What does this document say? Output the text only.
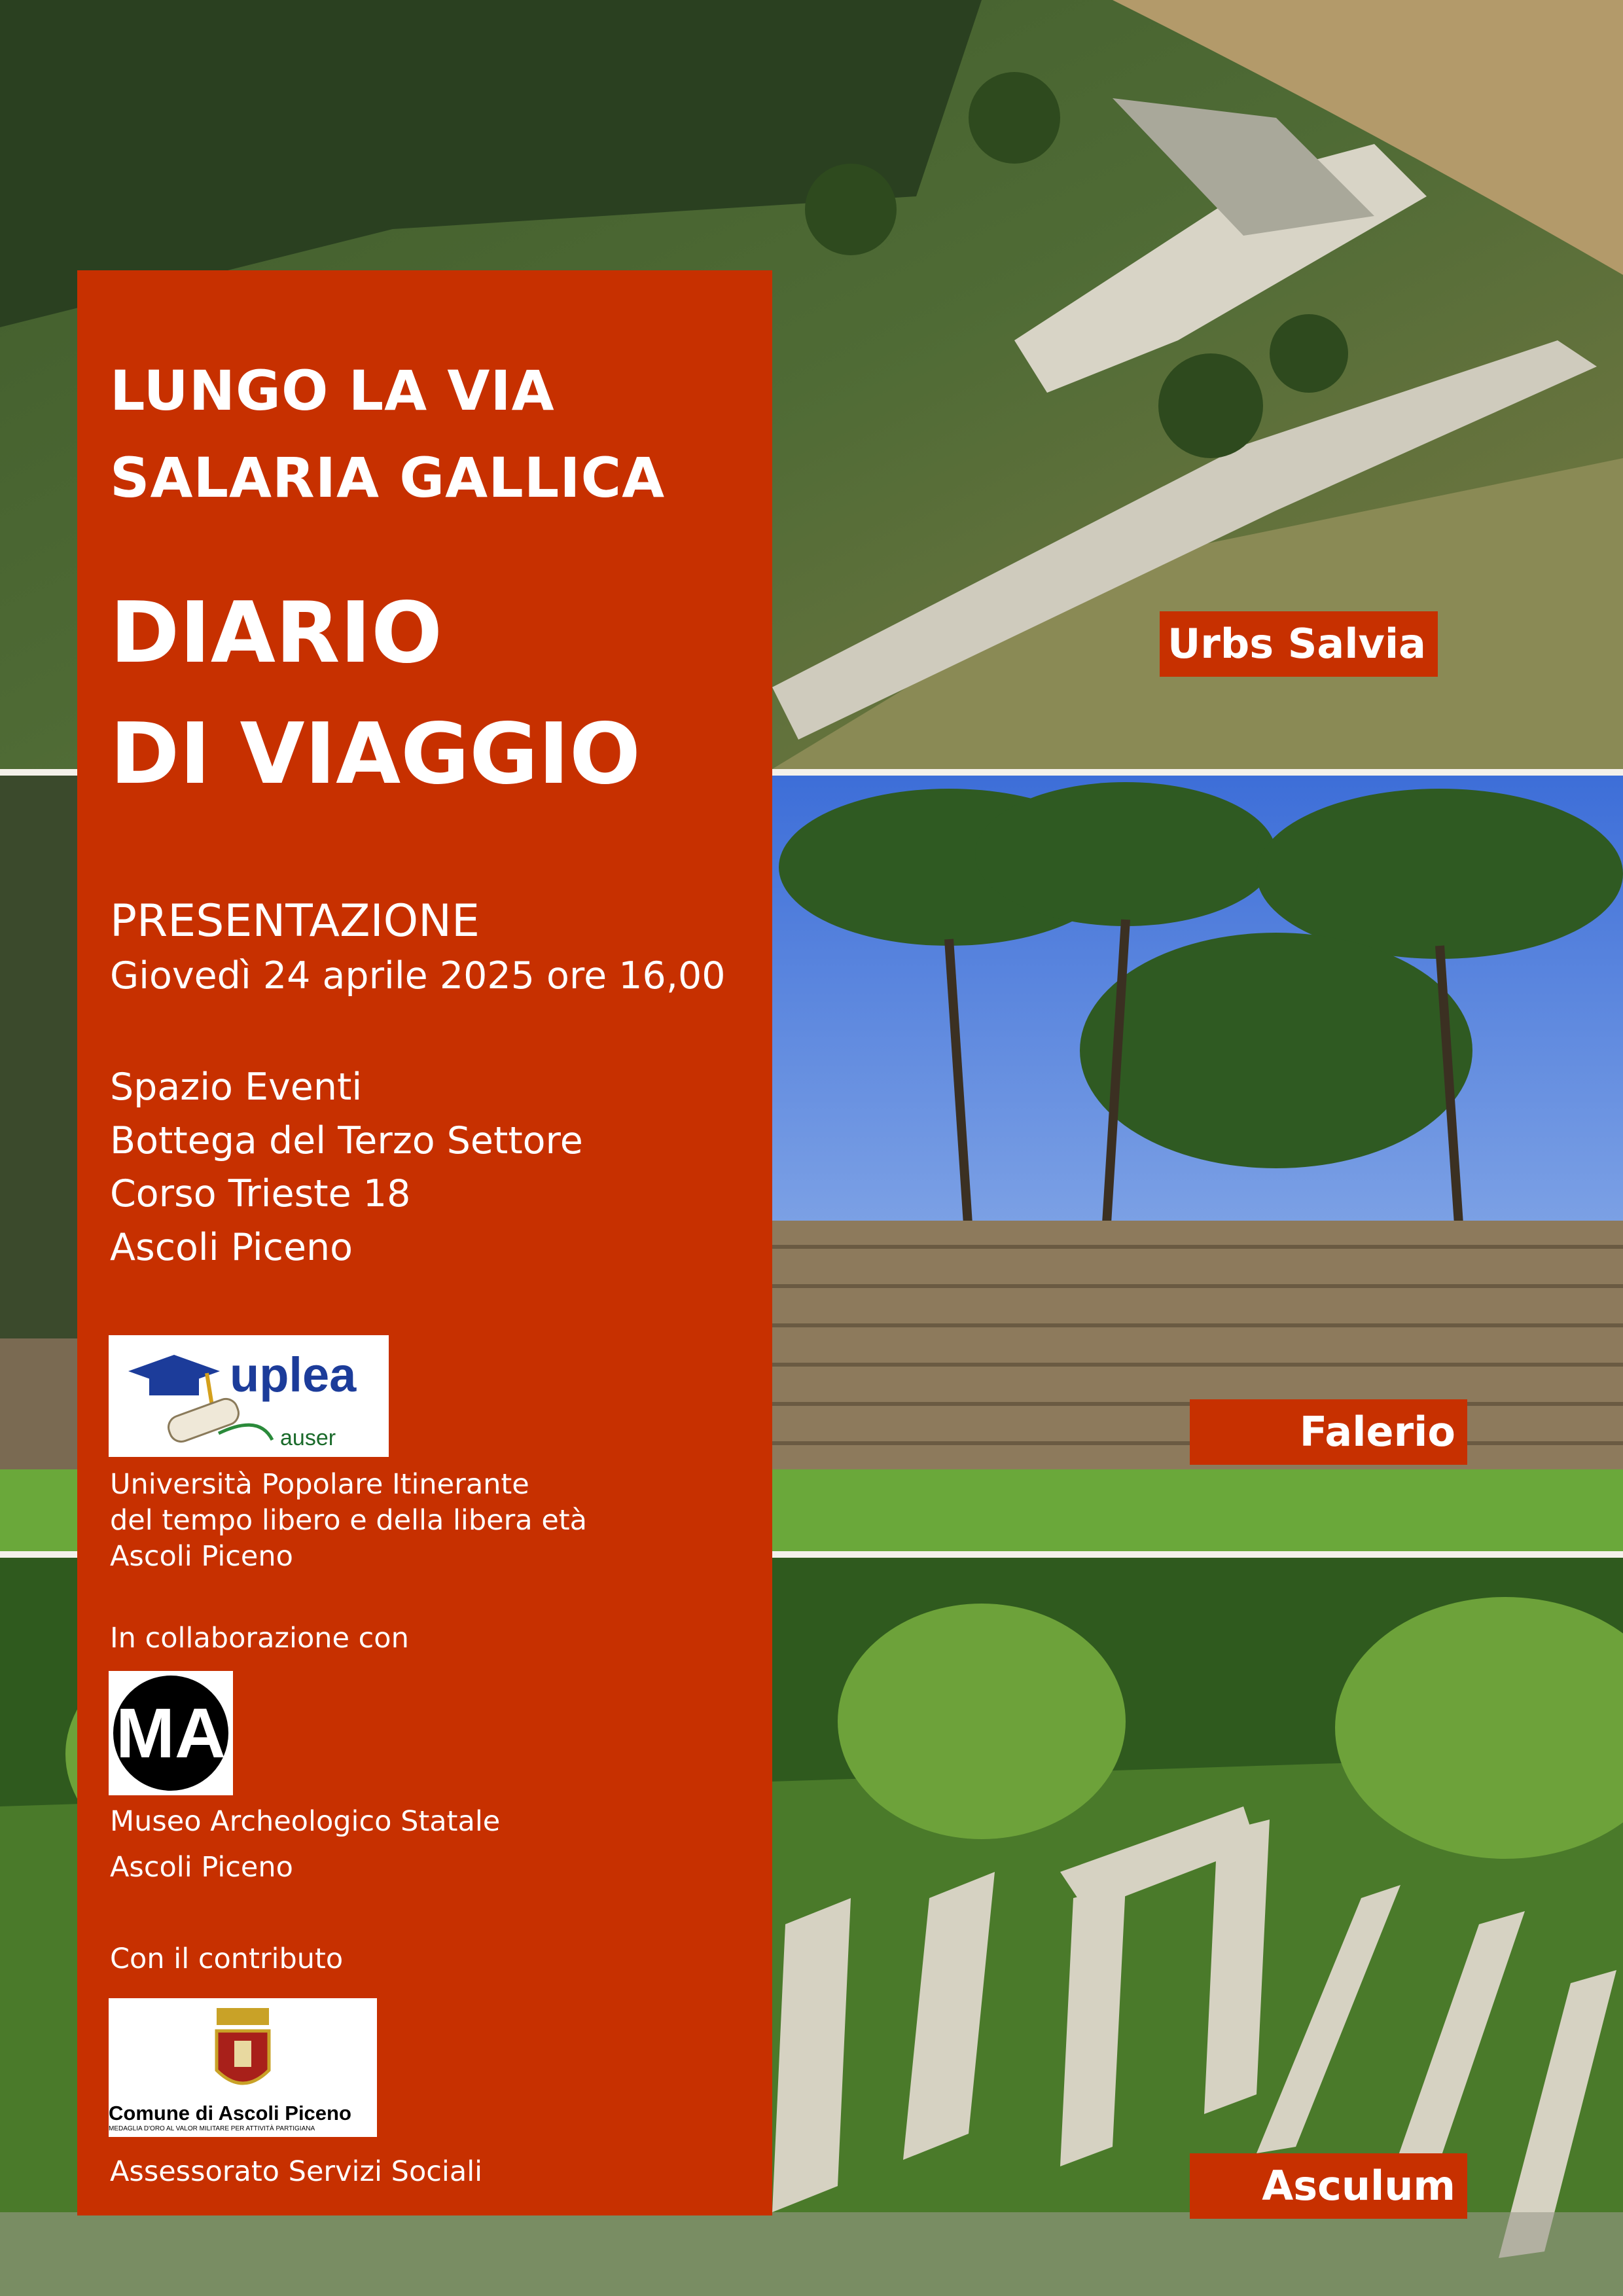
LUNGO LA VIA
SALARIA GALLICA
DIARIO
DI VIAGGIO
PRESENTAZIONE
Giovedì 24 aprile 2025 ore 16,00
Spazio Eventi
Bottega del Terzo Settore
Corso Trieste 18
Ascoli Piceno
uplea
auser
Università Popolare Itinerante
del tempo libero e della libera età
Ascoli Piceno
In collaborazione con
MA
Museo Archeologico Statale
Ascoli Piceno
Con il contributo
Comune di Ascoli Piceno
MEDAGLIA D'ORO AL VALOR MILITARE PER ATTIVITÀ PARTIGIANA
Assessorato Servizi Sociali
Urbs Salvia
Falerio
Asculum
